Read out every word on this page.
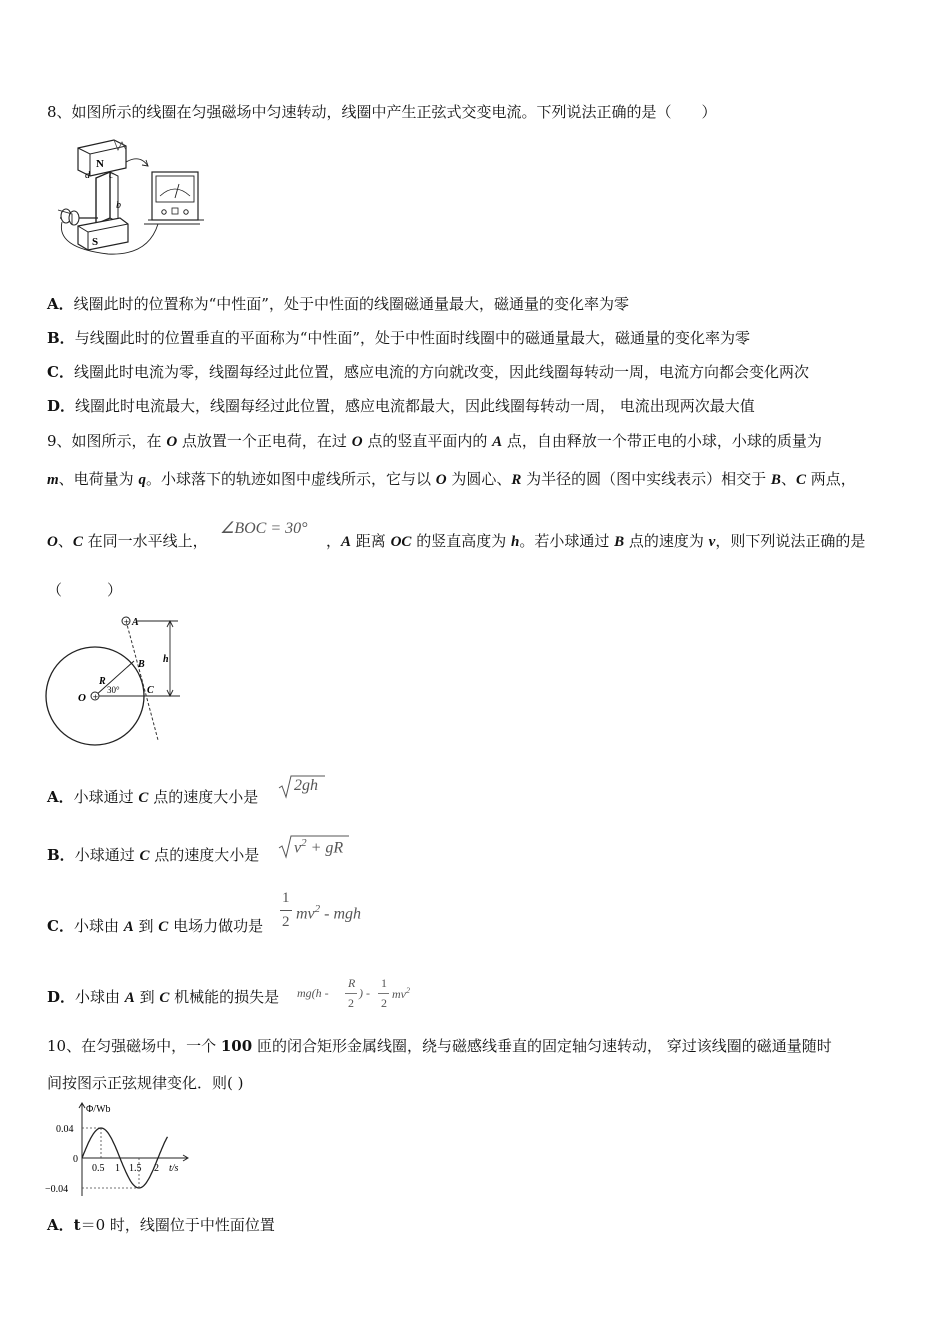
8、如图所示的线圈在匀强磁场中匀速转动，线圈中产生正弦式交变电流。下列说法正确的是（　　）
N
d c
b
S
A．线圈此时的位置称为“中性面”，处于中性面的线圈磁通量最大，磁通量的变化率为零
B．与线圈此时的位置垂直的平面称为“中性面”，处于中性面时线圈中的磁通量最大，磁通量的变化率为零
C．线圈此时电流为零，线圈每经过此位置，感应电流的方向就改变，因此线圈每转动一周，电流方向都会变化两次
D．线圈此时电流最大，线圈每经过此位置，感应电流都最大，因此线圈每转动一周， 电流出现两次最大值
9、如图所示，在 O 点放置一个正电荷，在过 O 点的竖直平面内的 A 点，自由释放一个带正电的小球，小球的质量为
m、电荷量为 q。小球落下的轨迹如图中虚线所示，它与以 O 为圆心、R 为半径的圆（图中实线表示）相交于 B、C 两点，
O、C 在同一水平线上，
∠BOC = 30°
，A 距离 OC 的竖直高度为 h。若小球通过 B 点的速度为 v，则下列说法正确的是
（　　　）
+
+
A
B
C
O
R
30°
h
A．小球通过 C 点的速度大小是
2gh
B．小球通过 C 点的速度大小是 $v^2$ + gR
C．小球由 A 到 C 电场力做功是
1
2 $mv^2$ - mgh
D．小球由 A 到 C 机械能的损失是 mg(h -
R
2
) -
1
2
$mv^2$
10、在匀强磁场中，一个 100 匝的闭合矩形金属线圈，绕与磁感线垂直的固定轴匀速转动， 穿过该线圈的磁通量随时
间按图示正弦规律变化．则( )
Φ/Wb
t/s
0.04
0
−0.04
0.5 1 1.5 2
A．t＝0 时，线圈位于中性面位置
